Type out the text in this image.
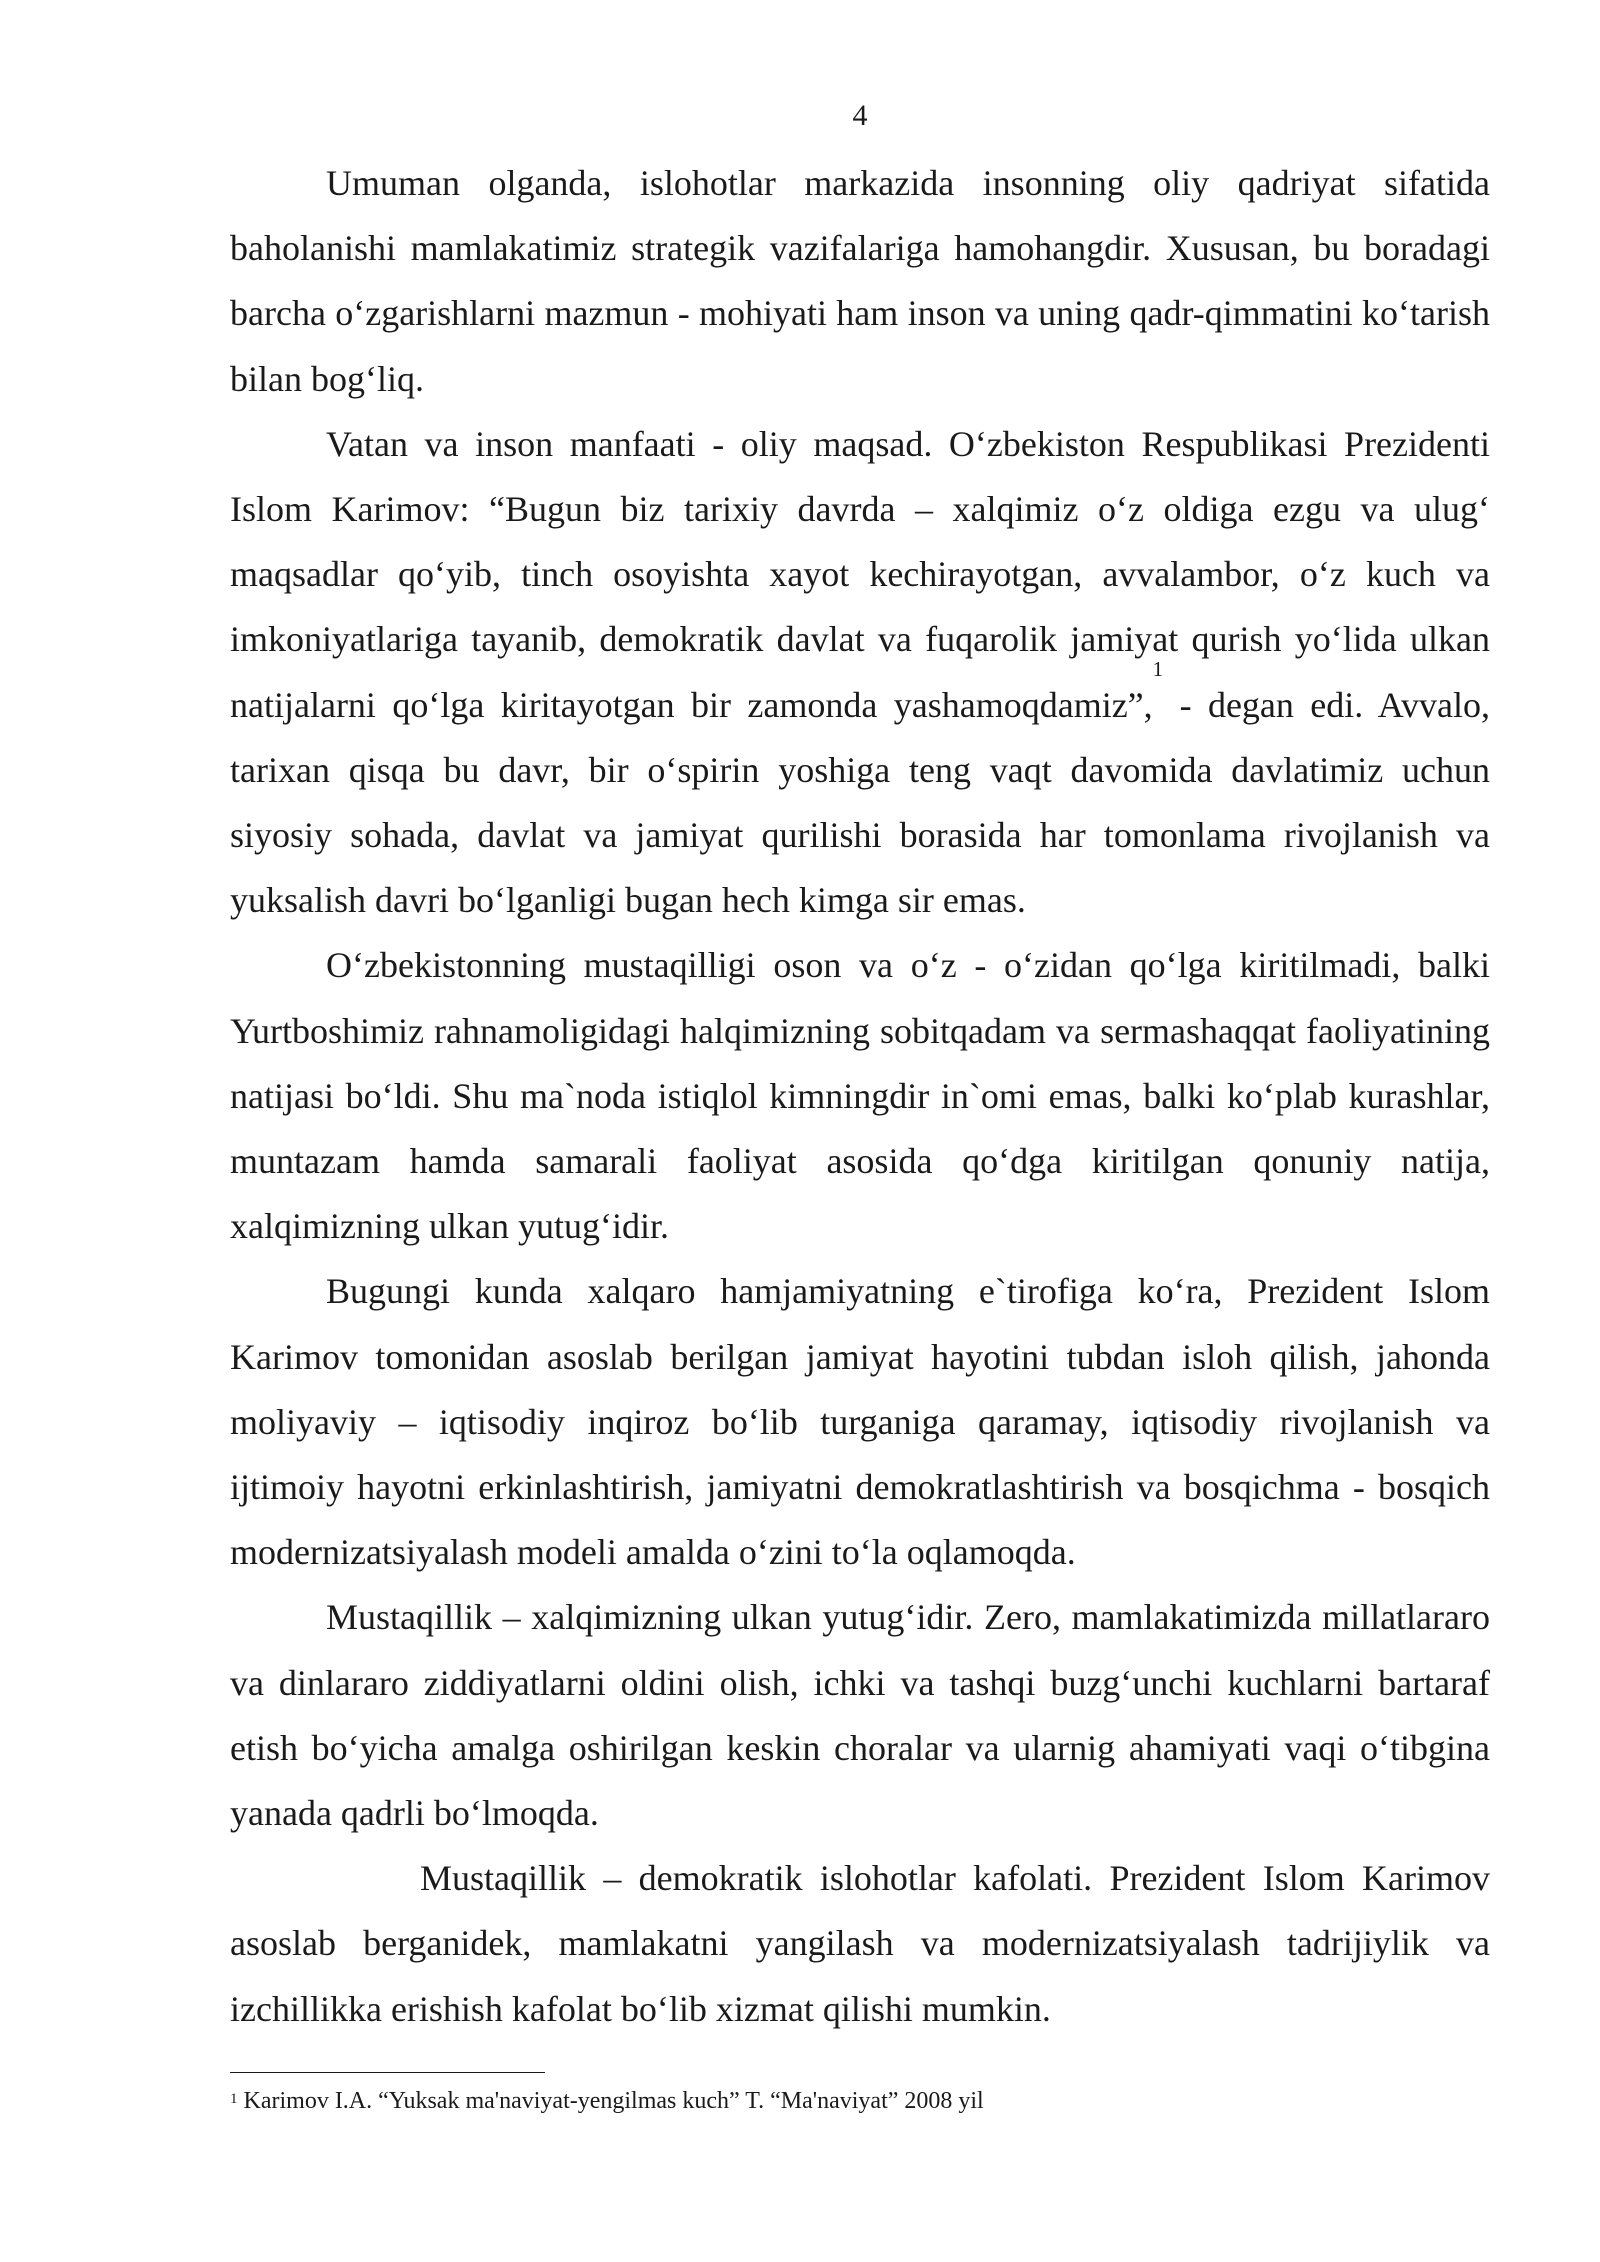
4

Umuman olganda, islohotlar markazida insonning oliy qadriyat sifatida baholanishi mamlakatimiz strategik vazifalariga hamohangdir. Xususan, bu boradagi barcha o‘zgarishlarni mazmun - mohiyati ham inson va uning qadr-qimmatini ko‘tarish bilan bog‘liq.

Vatan va inson manfaati - oliy maqsad. O‘zbekiston Respublikasi Prezidenti Islom Karimov: “Bugun biz tarixiy davrda – xalqimiz o‘z oldiga ezgu va ulug‘ maqsadlar qo‘yib, tinch osoyishta xayot kechirayotgan, avvalambor, o‘z kuch va imkoniyatlariga tayanib, demokratik davlat va fuqarolik jamiyat qurish yo‘lida ulkan natijalarni qo‘lga kiritayotgan bir zamonda yashamoqdamiz”,$^1$ - degan edi. Avvalo, tarixan qisqa bu davr, bir o‘spirin yoshiga teng vaqt davomida davlatimiz uchun siyosiy sohada, davlat va jamiyat qurilishi borasida har tomonlama rivojlanish va yuksalish davri bo‘lganligi bugan hech kimga sir emas.

O‘zbekistonning mustaqilligi oson va o‘z - o‘zidan qo‘lga kiritilmadi, balki Yurtboshimiz rahnamoligidagi halqimizning sobitqadam va sermashaqqat faoliyatining natijasi bo‘ldi. Shu ma`noda istiqlol kimningdir in`omi emas, balki ko‘plab kurashlar, muntazam hamda samarali faoliyat asosida qo‘dga kiritilgan qonuniy natija, xalqimizning ulkan yutug‘idir.

Bugungi kunda xalqaro hamjamiyatning e`tirofiga ko‘ra, Prezident Islom Karimov tomonidan asoslab berilgan jamiyat hayotini tubdan isloh qilish, jahonda moliyaviy – iqtisodiy inqiroz bo‘lib turganiga qaramay, iqtisodiy rivojlanish va ijtimoiy hayotni erkinlashtirish, jamiyatni demokratlashtirish va bosqichma - bosqich modernizatsiyalash modeli amalda o‘zini to‘la oqlamoqda.

Mustaqillik – xalqimizning ulkan yutug‘idir. Zero, mamlakatimizda millatlararo va dinlararo ziddiyatlarni oldini olish, ichki va tashqi buzg‘unchi kuchlarni bartaraf etish bo‘yicha amalga oshirilgan keskin choralar va ularnig ahamiyati vaqi o‘tibgina yanada qadrli bo‘lmoqda.

Mustaqillik – demokratik islohotlar kafolati. Prezident Islom Karimov asoslab berganidek, mamlakatni yangilash va modernizatsiyalash tadrijiylik va izchillikka erishish kafolat bo‘lib xizmat qilishi mumkin.

$^1$ Karimov I.A. “Yuksak ma'naviyat-yengilmas kuch” T. “Ma'naviyat” 2008 yil
